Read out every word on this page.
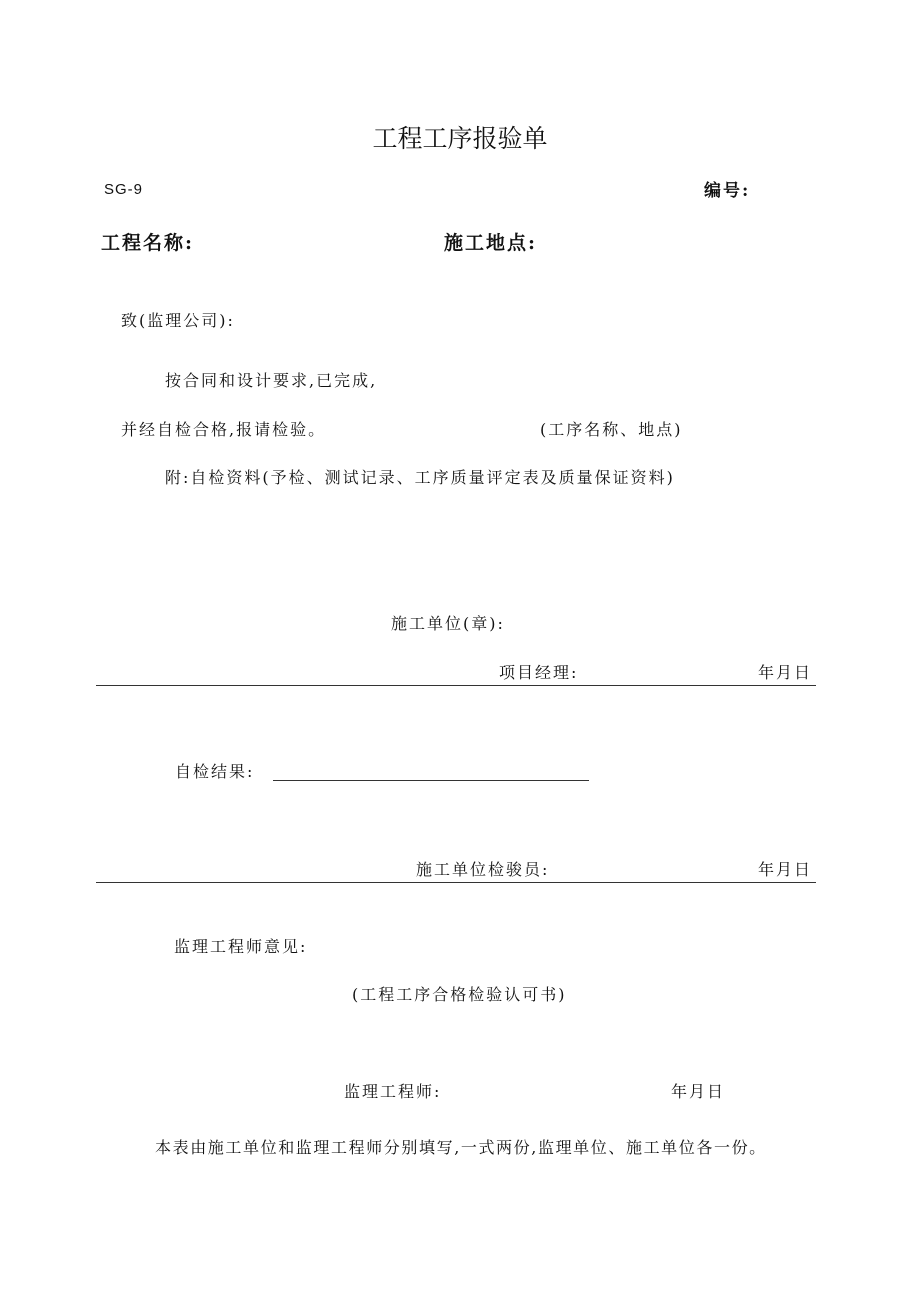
工程工序报验单
SG-9	编号:
工程名称:	施工地点:
致(监理公司):
按合同和设计要求,已完成,
并经自检合格,报请检验。	(工序名称、地点)
附:自检资料(予检、测试记录、工序质量评定表及质量保证资料)
施工单位(章):
项目经理:	年月日
自检结果:
施工单位检骏员:	年月日
监理工程师意见:
(工程工序合格检验认可书)
监理工程师:	年月日
本表由施工单位和监理工程师分别填写,一式两份,监理单位、施工单位各一份。
